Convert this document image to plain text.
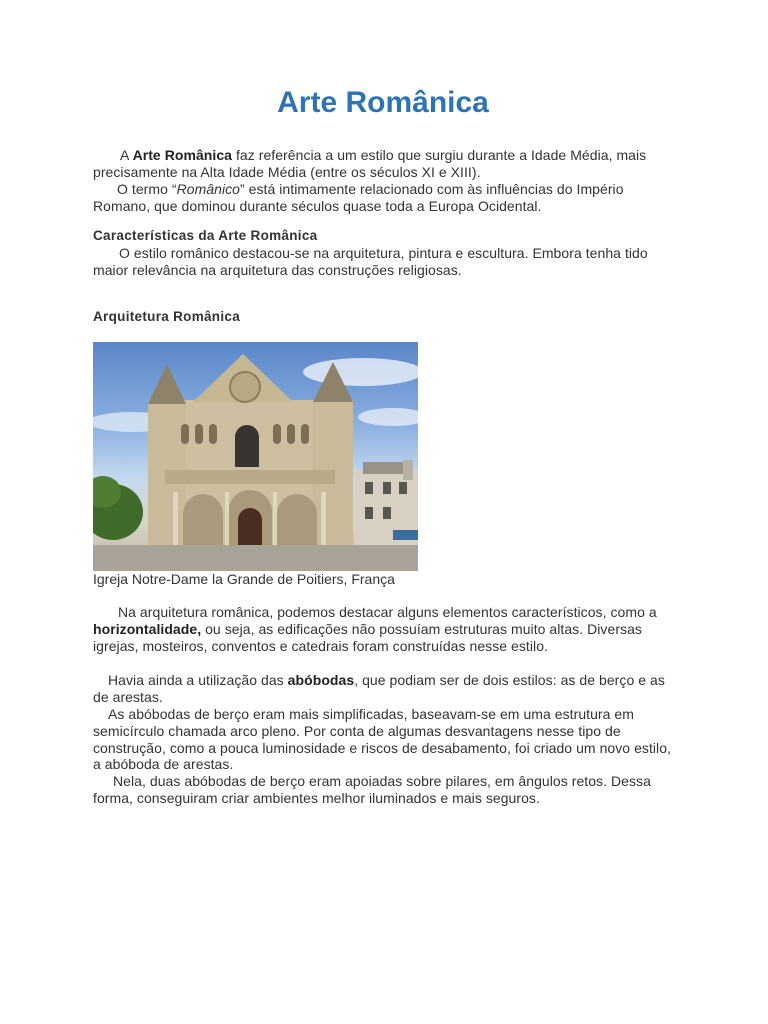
Arte Românica

A Arte Românica faz referência a um estilo que surgiu durante a Idade Média, mais precisamente na Alta Idade Média (entre os séculos XI e XIII).

O termo “Românico” está intimamente relacionado com às influências do Império Romano, que dominou durante séculos quase toda a Europa Ocidental.

Características da Arte Românica

O estilo românico destacou-se na arquitetura, pintura e escultura. Embora tenha tido maior relevância na arquitetura das construções religiosas.

Arquitetura Românica

Igreja Notre-Dame la Grande de Poitiers, França

Na arquitetura românica, podemos destacar alguns elementos característicos, como a horizontalidade, ou seja, as edificações não possuíam estruturas muito altas. Diversas igrejas, mosteiros, conventos e catedrais foram construídas nesse estilo.

Havia ainda a utilização das abóbodas, que podiam ser de dois estilos: as de berço e as de arestas.

As abóbodas de berço eram mais simplificadas, baseavam-se em uma estrutura em semicírculo chamada arco pleno. Por conta de algumas desvantagens nesse tipo de construção, como a pouca luminosidade e riscos de desabamento, foi criado um novo estilo, a abóboda de arestas.

Nela, duas abóbodas de berço eram apoiadas sobre pilares, em ângulos retos. Dessa forma, conseguiram criar ambientes melhor iluminados e mais seguros.
